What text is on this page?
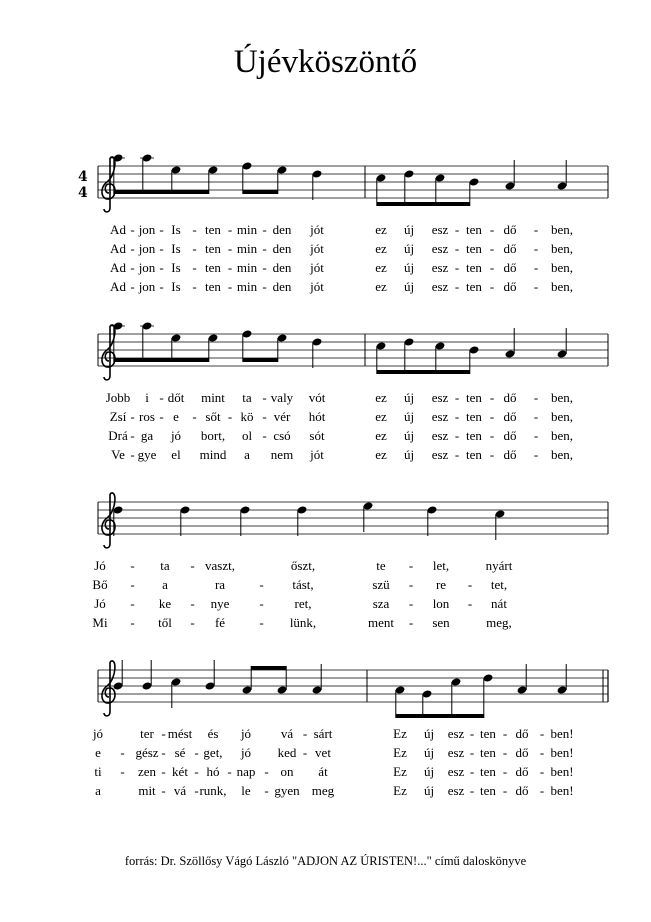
Újévköszöntő
4
4
Ad jon Is ten min den jót	ez új esz ten dő	ben,
- - - - -	- -	-
Ad jon Is ten min den jót	ez új esz ten dő	ben,
- - - - -	- -	-
Ad jon Is ten min den jót	ez új esz ten dő	ben,
- - - - -	- -	-
Ad jon Is ten min den jót	ez új esz ten dő	ben,
- - - - -	- -	-
Jobb i dőt mint ta valy vót	ez új esz ten dő	ben,
-	-	- -	-
Zsí ros e sőt kö vér hót	ez új esz ten dő	ben,
- - - - -	- -	-
Drá ga jó bort, ol csó sót	ez új esz ten dő	ben,
-	-	- -	-
Ve gye el mind a nem jót	ez új esz ten dő	ben,
-	- -	-
Jó	ta	vaszt,	őszt,	te	let,	nyárt
-	-	-
Bő	a	ra	tást,	szü	re	tet,
-	-	-	-
Jó	ke	nye	ret,	sza	lon	nát
-	-	-	-	-
Mi	től	fé	lünk,	ment	sen	meg,
-	-	-	-
jó	ter mést és jó vá sárt	Ez új esz ten dő ben!
-	-	- -	-
e	gész sé get, jó ked vet	Ez új esz ten dő ben!
-	- -	-	- -	-
ti	zen két hó nap on át	Ez új esz ten dő ben!
-	- - -	-	- -	-
a	mit vá runk, le gyen meg	Ez új esz ten dő ben!
- -	-	- -	-
forrás: Dr. Szöllősy Vágó László "ADJON AZ ÚRISTEN!..." című daloskönyve
